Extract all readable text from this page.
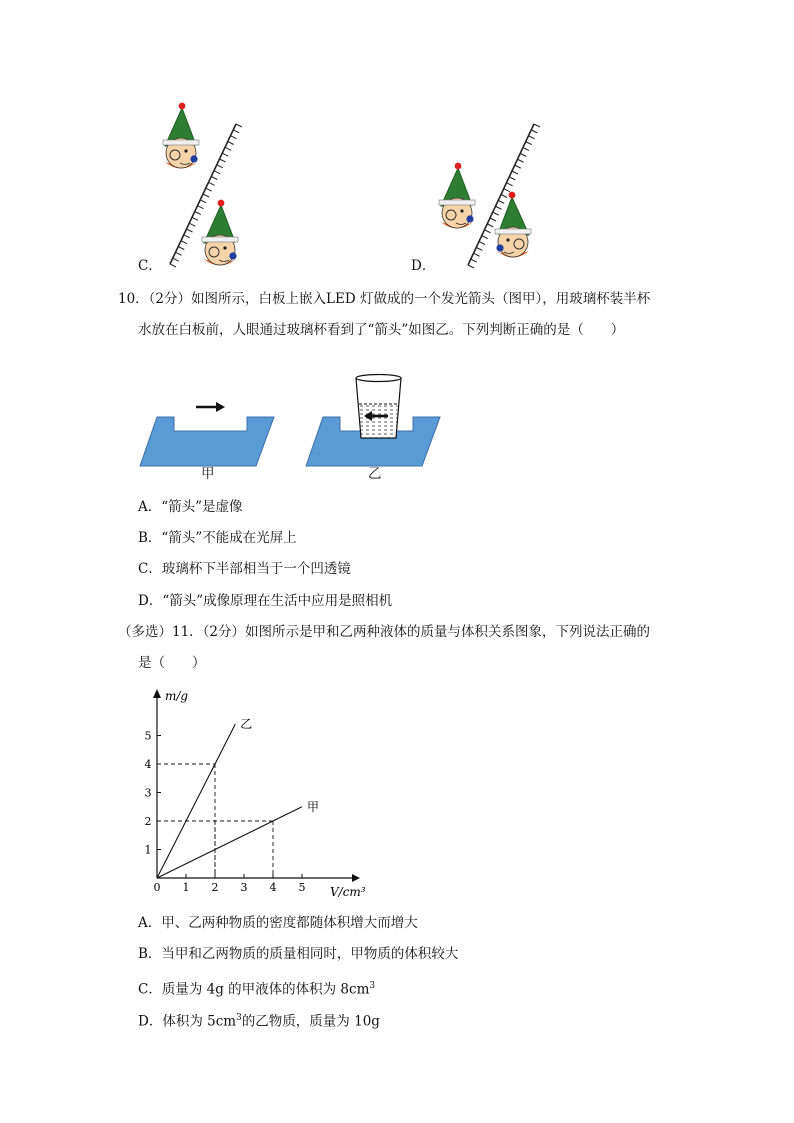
C．	D．
10．（2分）如图所示，白板上嵌入LED 灯做成的一个发光箭头（图甲），用玻璃杯装半杯
水放在白板前，人眼通过玻璃杯看到了“箭头”如图乙。下列判断正确的是（　　）
甲	乙
A．“箭头”是虚像
B．“箭头”不能成在光屏上
C．玻璃杯下半部相当于一个凹透镜
D．“箭头”成像原理在生活中应用是照相机
（多选）11．（2分）如图所示是甲和乙两种液体的质量与体积关系图象，下列说法正确的
是（　　）
0 1 2 3 4 5
1
2
3
4
5
m/g
V/cm³
乙
甲
A．甲、乙两种物质的密度都随体积增大而增大
B．当甲和乙两物质的质量相同时，甲物质的体积较大
C．质量为 4g 的甲液体的体积为 $8cm^3$
D．体积为 $5cm^3$的乙物质，质量为 10g
